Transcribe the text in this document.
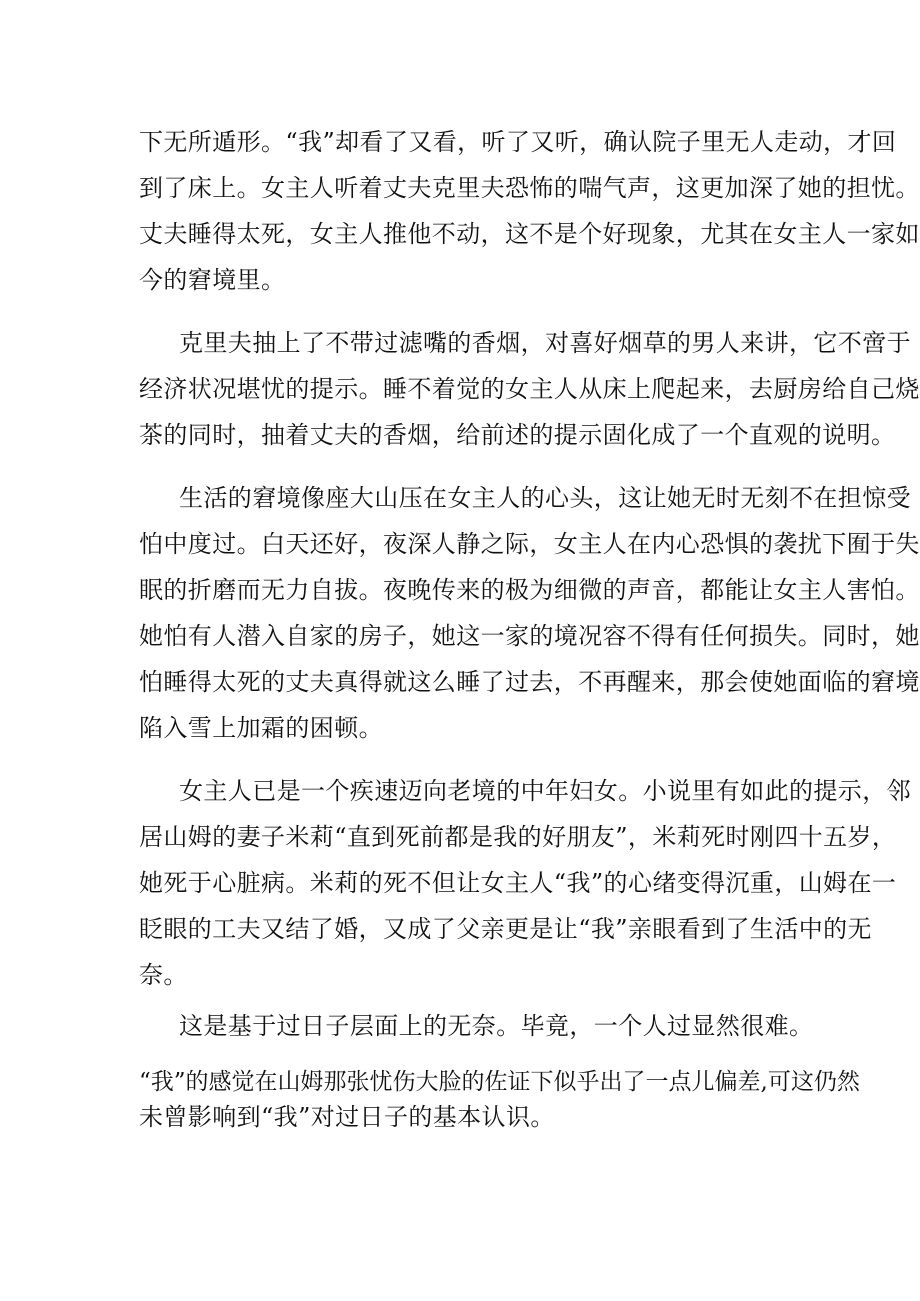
下无所遁形。“我”却看了又看，听了又听，确认院子里无人走动，才回
到了床上。女主人听着丈夫克里夫恐怖的喘气声，这更加深了她的担忧。
丈夫睡得太死，女主人推他不动，这不是个好现象，尤其在女主人一家如
今的窘境里。
克里夫抽上了不带过滤嘴的香烟，对喜好烟草的男人来讲，它不啻于
经济状况堪忧的提示。睡不着觉的女主人从床上爬起来，去厨房给自己烧
茶的同时，抽着丈夫的香烟，给前述的提示固化成了一个直观的说明。
生活的窘境像座大山压在女主人的心头，这让她无时无刻不在担惊受
怕中度过。白天还好，夜深人静之际，女主人在内心恐惧的袭扰下囿于失
眠的折磨而无力自拔。夜晚传来的极为细微的声音，都能让女主人害怕。
她怕有人潜入自家的房子，她这一家的境况容不得有任何损失。同时，她
怕睡得太死的丈夫真得就这么睡了过去，不再醒来，那会使她面临的窘境
陷入雪上加霜的困顿。
女主人已是一个疾速迈向老境的中年妇女。小说里有如此的提示，邻
居山姆的妻子米莉“直到死前都是我的好朋友”，米莉死时刚四十五岁，
她死于心脏病。米莉的死不但让女主人“我”的心绪变得沉重，山姆在一
眨眼的工夫又结了婚，又成了父亲更是让“我”亲眼看到了生活中的无
奈。
这是基于过日子层面上的无奈。毕竟，一个人过显然很难。
“我”的感觉在山姆那张忧伤大脸的佐证下似乎出了一点儿偏差,可这仍然
未曾影响到“我”对过日子的基本认识。
